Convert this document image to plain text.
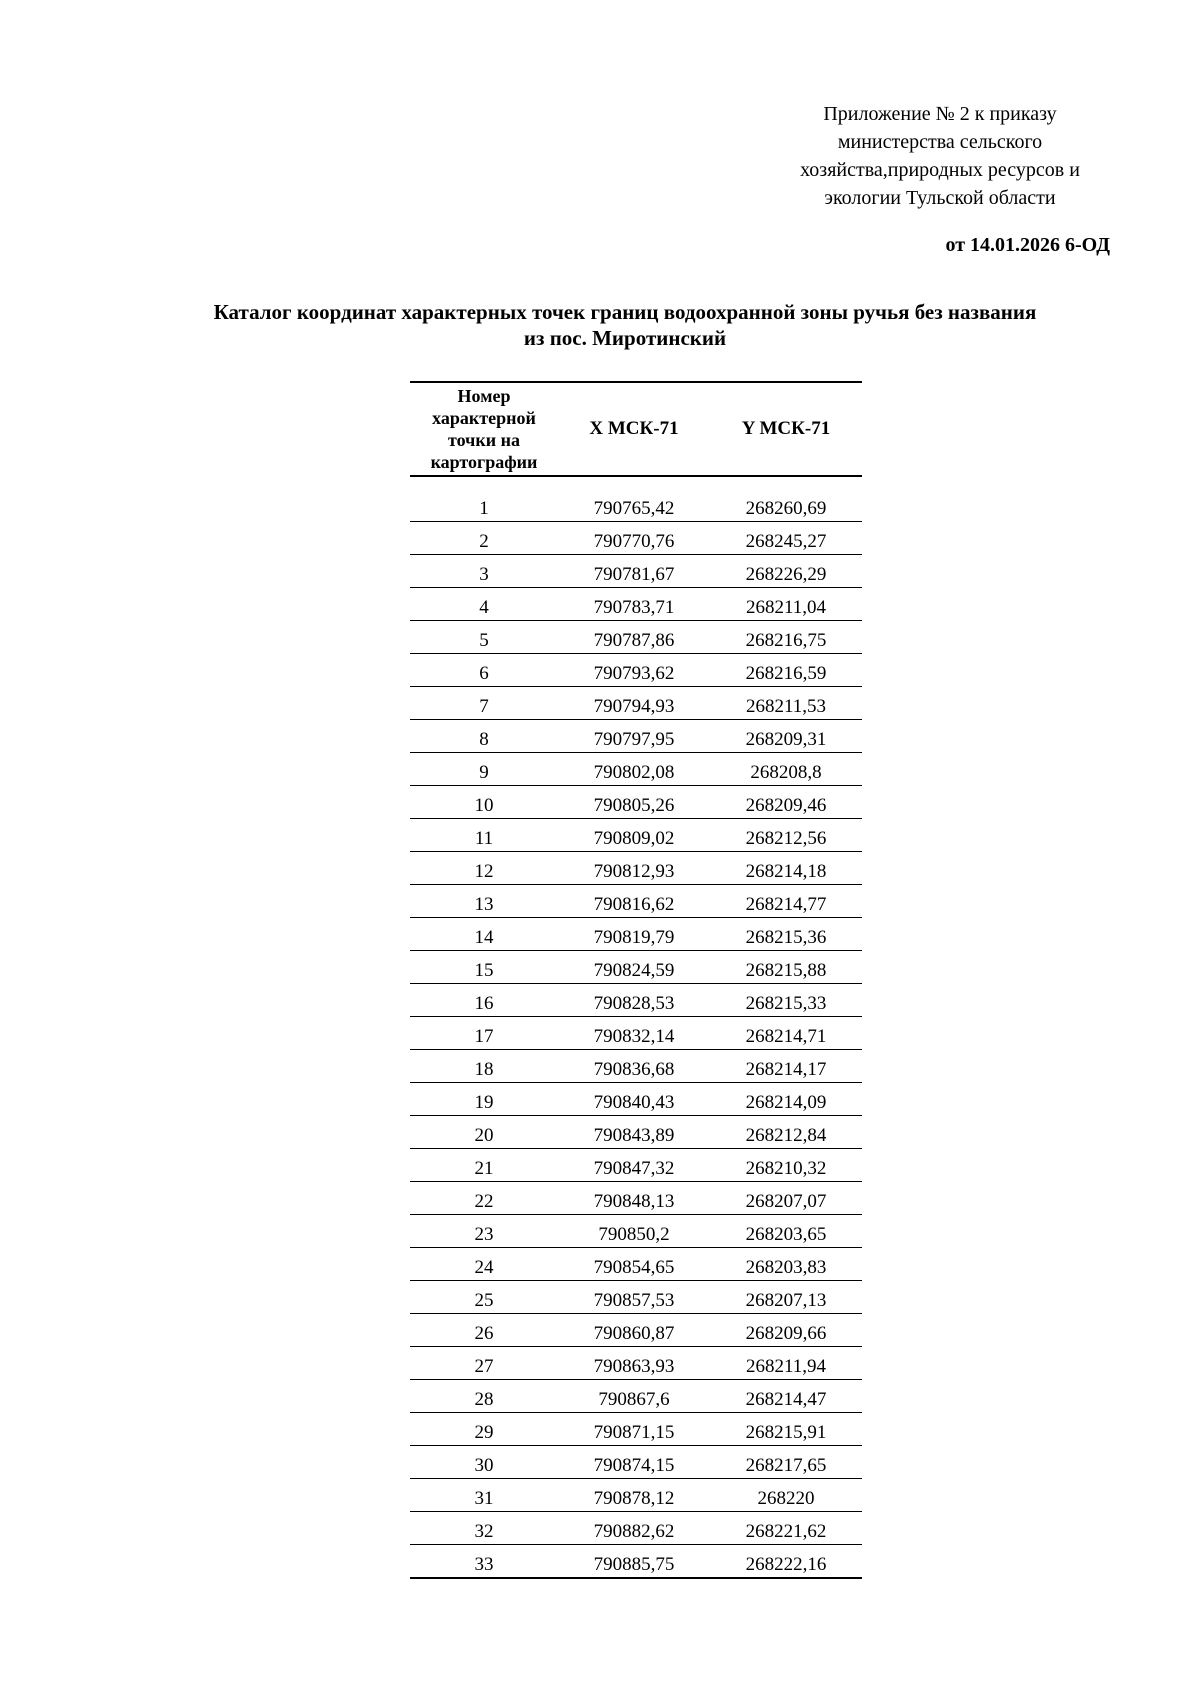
Приложение № 2 к приказу
министерства сельского
хозяйства,природных ресурсов и
экологии Тульской области
от 14.01.2026 6-ОД
Каталог координат характерных точек границ водоохранной зоны ручья без названия
из пос. Миротинский
Номер характерной точки на картографии	X МСК-71	Y МСК-71

1	790765,42	268260,69
2	790770,76	268245,27
3	790781,67	268226,29
4	790783,71	268211,04
5	790787,86	268216,75
6	790793,62	268216,59
7	790794,93	268211,53
8	790797,95	268209,31
9	790802,08	268208,8
10	790805,26	268209,46
11	790809,02	268212,56
12	790812,93	268214,18
13	790816,62	268214,77
14	790819,79	268215,36
15	790824,59	268215,88
16	790828,53	268215,33
17	790832,14	268214,71
18	790836,68	268214,17
19	790840,43	268214,09
20	790843,89	268212,84
21	790847,32	268210,32
22	790848,13	268207,07
23	790850,2	268203,65
24	790854,65	268203,83
25	790857,53	268207,13
26	790860,87	268209,66
27	790863,93	268211,94
28	790867,6	268214,47
29	790871,15	268215,91
30	790874,15	268217,65
31	790878,12	268220
32	790882,62	268221,62
33	790885,75	268222,16
